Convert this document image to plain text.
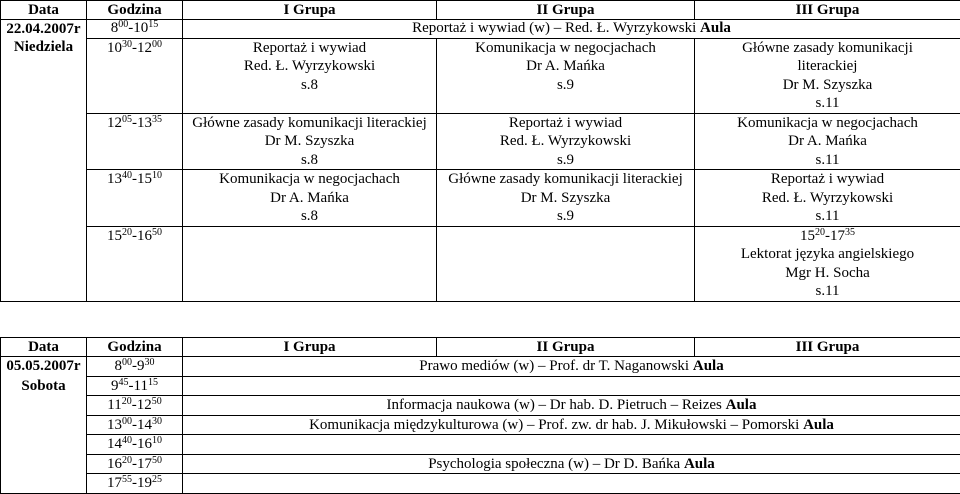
Data	Godzina	I Grupa	II Grupa	III Grupa
22.04.2007r	$8^{00}-10^{15}$	Reportaż i wywiad (w) – Red. Ł. Wyrzykowski Aula		

Niedziela	$10^{30}-12^{00}$	Reportaż i wywiad
Red. Ł. Wyrzykowski
s.8	Komunikacja w negocjachach
Dr A. Mańka
s.9	Główne zasady komunikacji
literackiej
Dr M. Szyszka
s.11

	$12^{05}-13^{35}$	Główne zasady komunikacji literackiej
Dr M. Szyszka
s.8	Reportaż i wywiad
Red. Ł. Wyrzykowski
s.9	Komunikacja w negocjachach
Dr A. Mańka
s.11

	$13^{40}-15^{10}$	Komunikacja w negocjachach
Dr A. Mańka
s.8	Główne zasady komunikacji literackiej
Dr M. Szyszka
s.9	Reportaż i wywiad
Red. Ł. Wyrzykowski
s.11

	$15^{20}-16^{50}$			$15^{20}-17^{35}$
Lektorat języka angielskiego
Mgr H. Socha
s.11
Data	Godzina	I Grupa	II Grupa	III Grupa
05.05.2007r	$8^{00}-9^{30}$	Prawo mediów (w) – Prof. dr T. Naganowski Aula		
Sobota	$9^{45}-11^{15}$	
	$11^{20}-12^{50}$	Informacja naukowa (w) – Dr hab. D. Pietruch – Reizes Aula		
	$13^{00}-14^{30}$	Komunikacja międzykulturowa (w) – Prof. zw. dr hab. J. Mikułowski – Pomorski Aula		
	$14^{40}-16^{10}$	
	$16^{20}-17^{50}$	Psychologia społeczna (w) – Dr D. Bańka Aula		
	$17^{55}-19^{25}$	
